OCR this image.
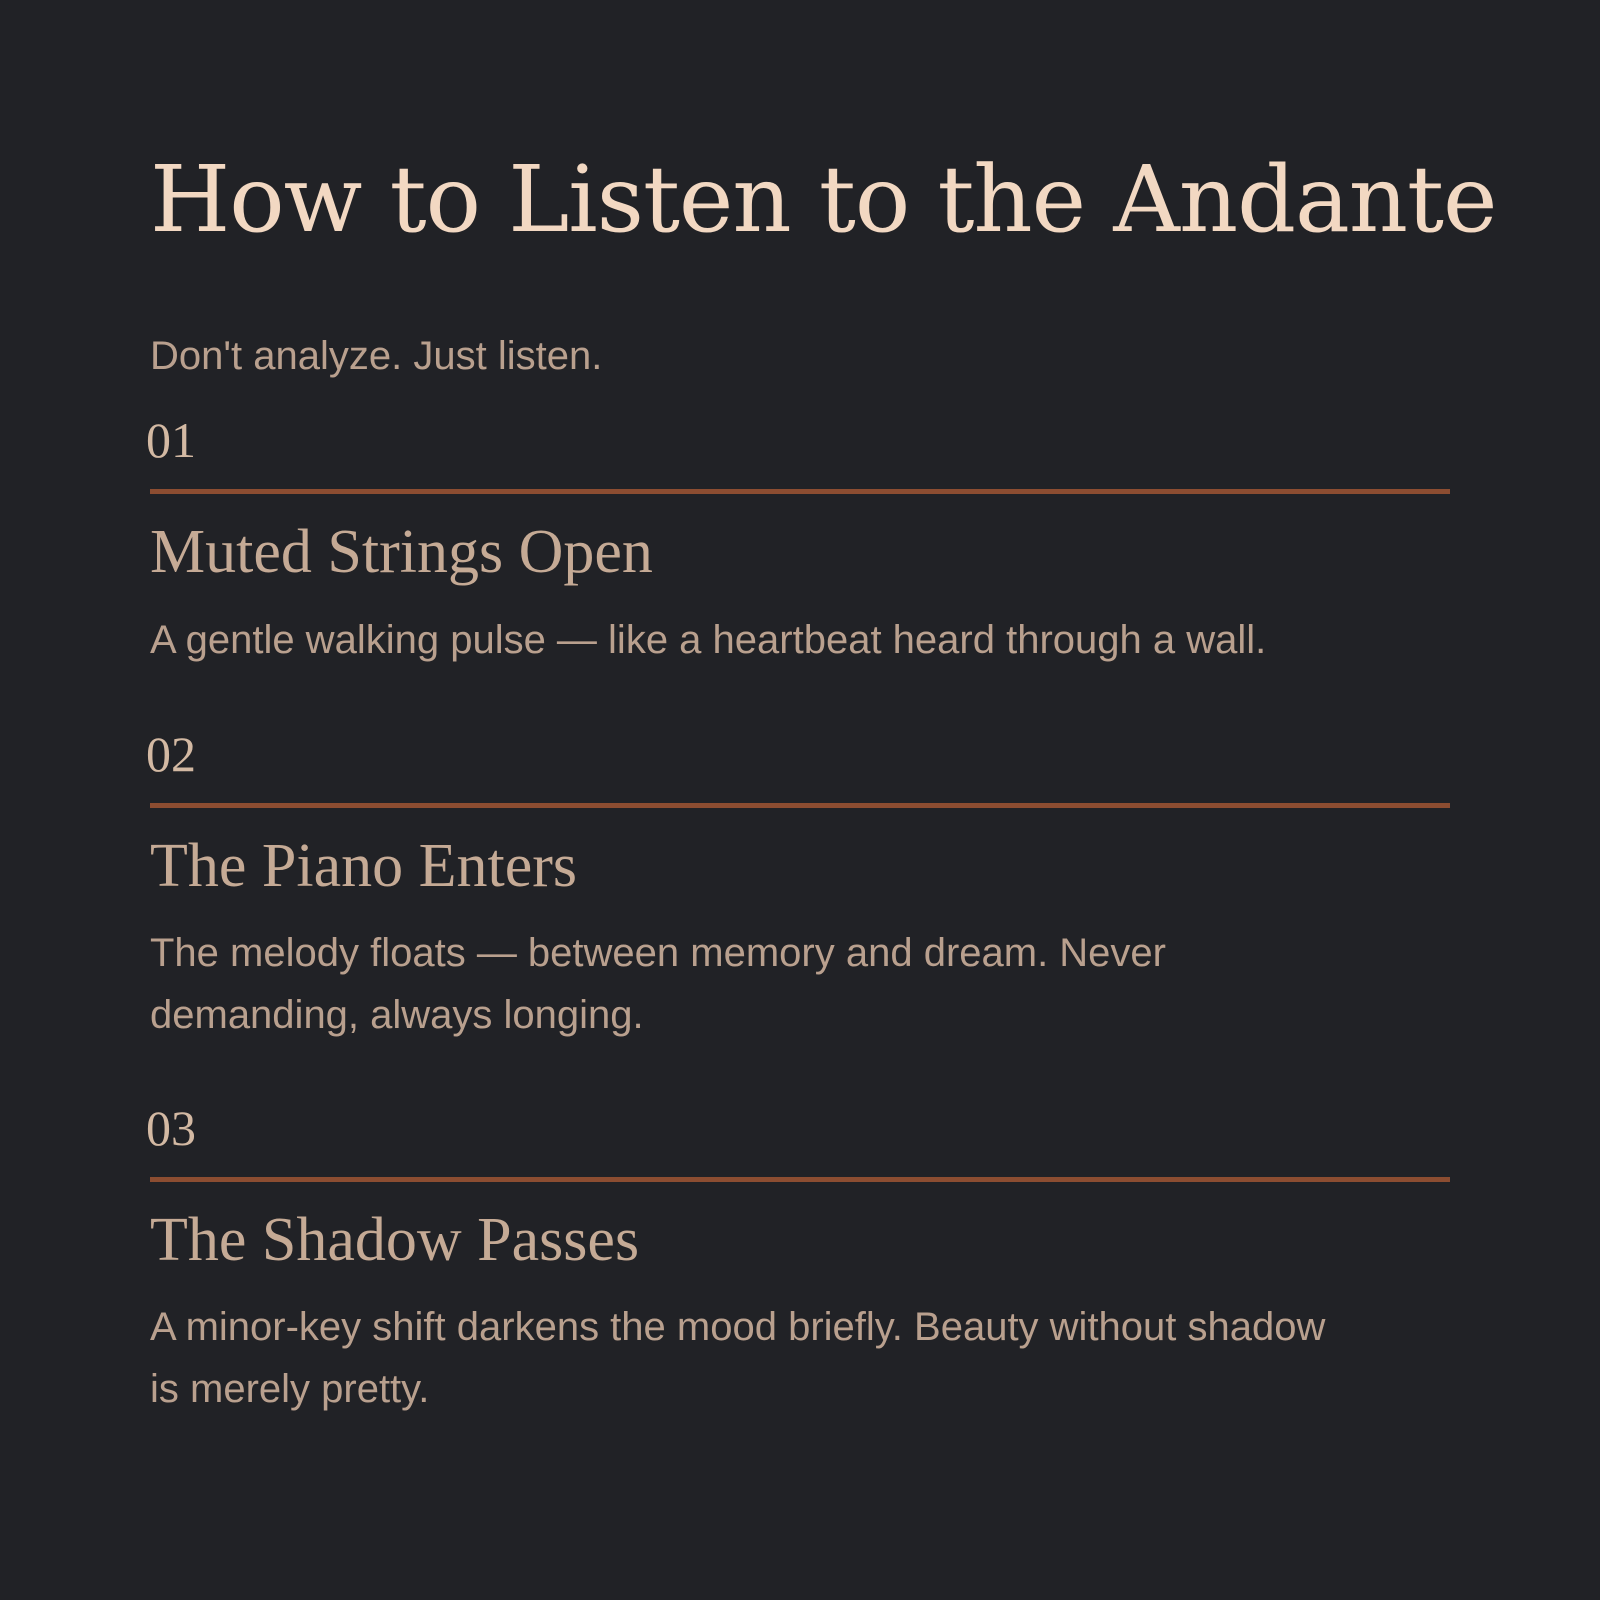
How to Listen to the Andante

Don't analyze. Just listen.

01

Muted Strings Open

A gentle walking pulse — like a heartbeat heard through a wall.

02

The Piano Enters

The melody floats — between memory and dream. Never demanding, always longing.

03

The Shadow Passes

A minor-key shift darkens the mood briefly. Beauty without shadow is merely pretty.
